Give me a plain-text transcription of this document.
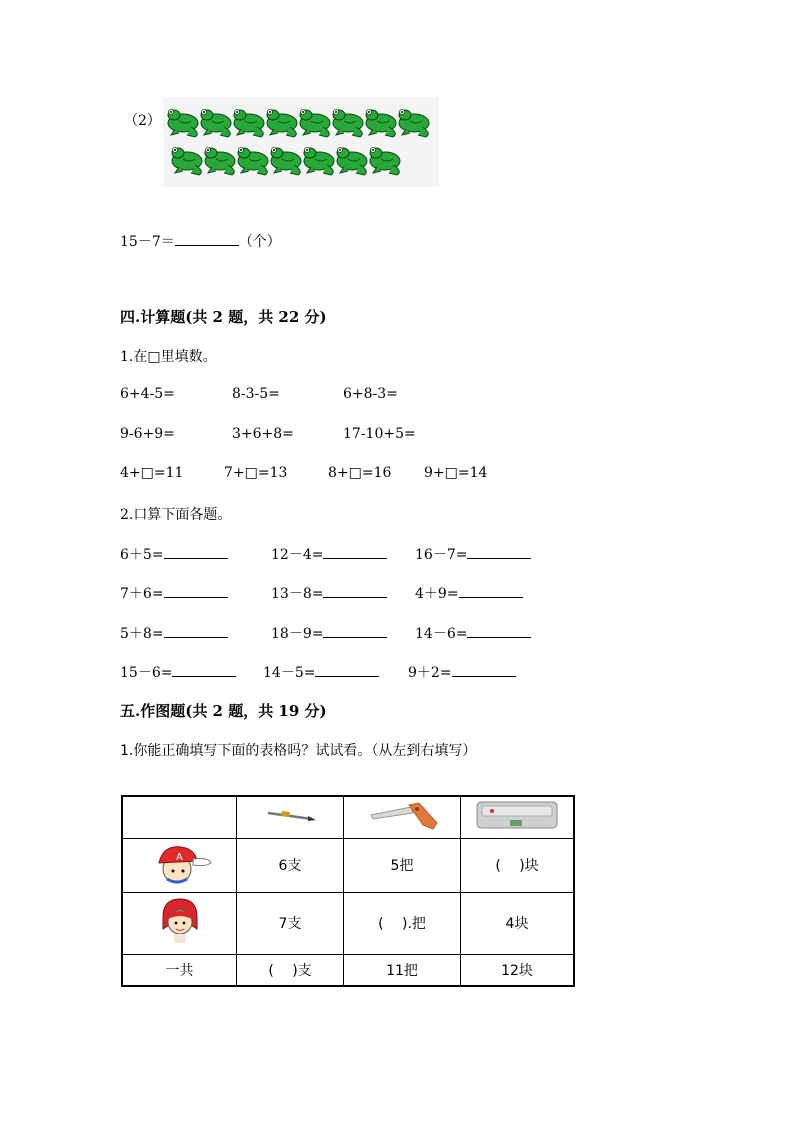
（2）
15－7＝	（个）
四.计算题(共 2 题，共 22 分)
1.在□里填数。
6+4-5=	8-3-5=	6+8-3=
9-6+9=	3+6+8=	17-10+5=
4+□=11	7+□=13	8+□=16 9+□=14
2.口算下面各题。
6＋5=	12－4=	16－7=
7＋6=	13－8=	4＋9=
5＋8=	18－9=	14－6=
15－6=	14－5=	9＋2=
五.作图题(共 2 题，共 19 分)
1.你能正确填写下面的表格吗？试试看。（从左到右填写）

A	6支	5把	(　 )块
	7支	(　 ).把	4块
一共	(　 )支	11把	12块
